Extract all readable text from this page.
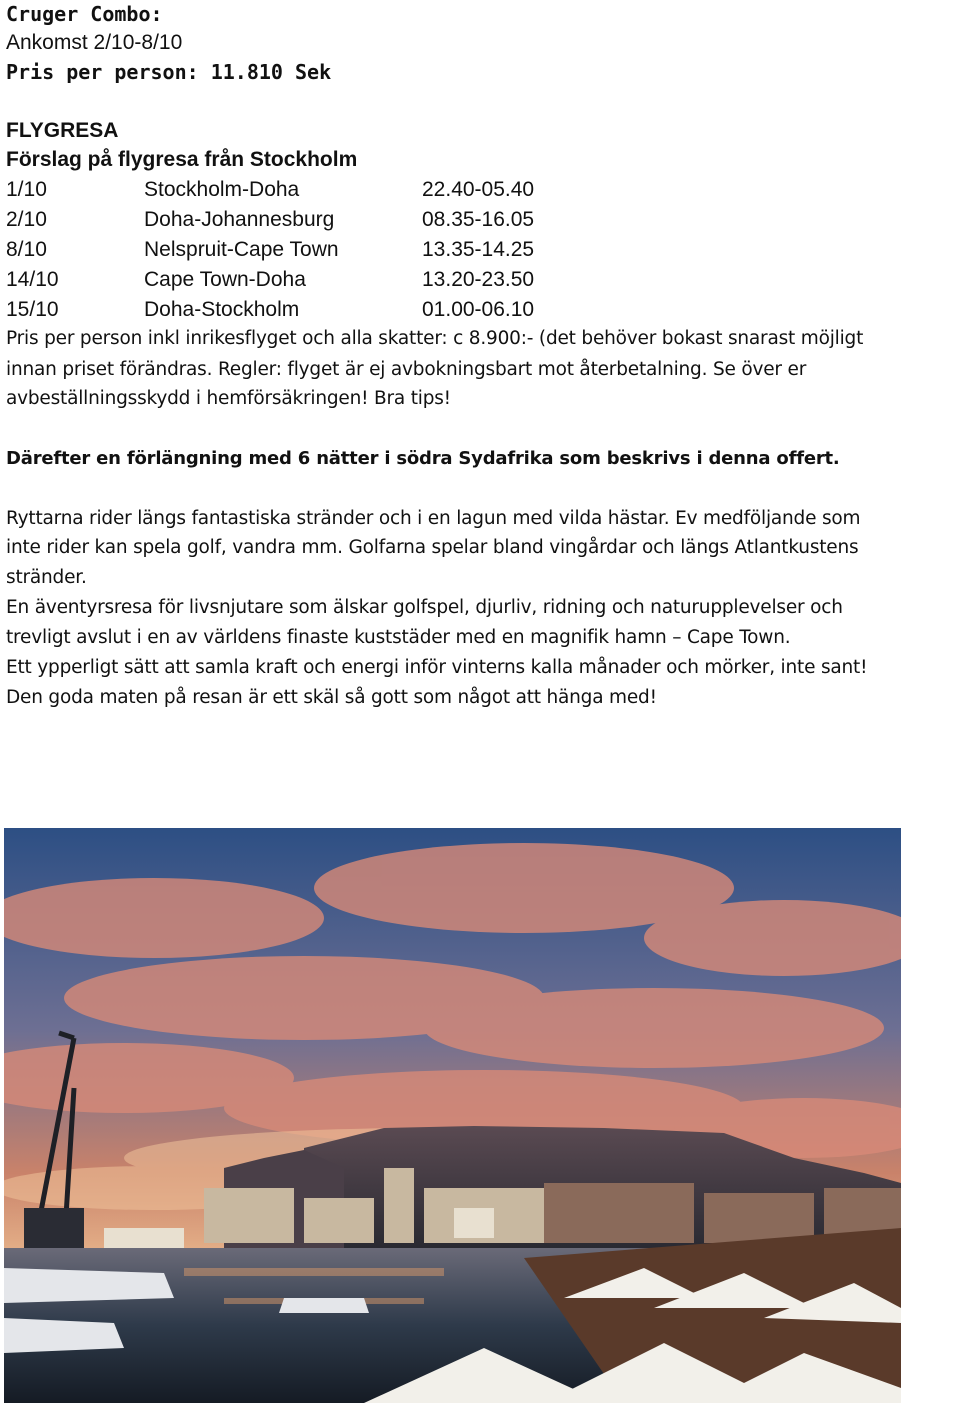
Cruger Combo:
Ankomst 2/10-8/10
Pris per person: 11.810 Sek
FLYGRESA
Förslag på flygresa från Stockholm
1/10	Stockholm-Doha	22.40-05.40
2/10	Doha-Johannesburg	08.35-16.05
8/10	Nelspruit-Cape Town	13.35-14.25
14/10	Cape Town-Doha	13.20-23.50
15/10	Doha-Stockholm	01.00-06.10
Pris per person inkl inrikesflyget och alla skatter: c 8.900:- (det behöver bokast snarast möjligt
innan priset förändras. Regler: flyget är ej avbokningsbart mot återbetalning. Se över er
avbeställningsskydd i hemförsäkringen! Bra tips!
Därefter en förlängning med 6 nätter i södra Sydafrika som beskrivs i denna offert.
Ryttarna rider längs fantastiska stränder och i en lagun med vilda hästar. Ev medföljande som
inte rider kan spela golf, vandra mm. Golfarna spelar bland vingårdar och längs Atlantkustens
stränder.
En äventyrsresa för livsnjutare som älskar golfspel, djurliv, ridning och naturupplevelser och
trevligt avslut i en av världens finaste kuststäder med en magnifik hamn – Cape Town.
Ett ypperligt sätt att samla kraft och energi inför vinterns kalla månader och mörker, inte sant!
Den goda maten på resan är ett skäl så gott som något att hänga med!
